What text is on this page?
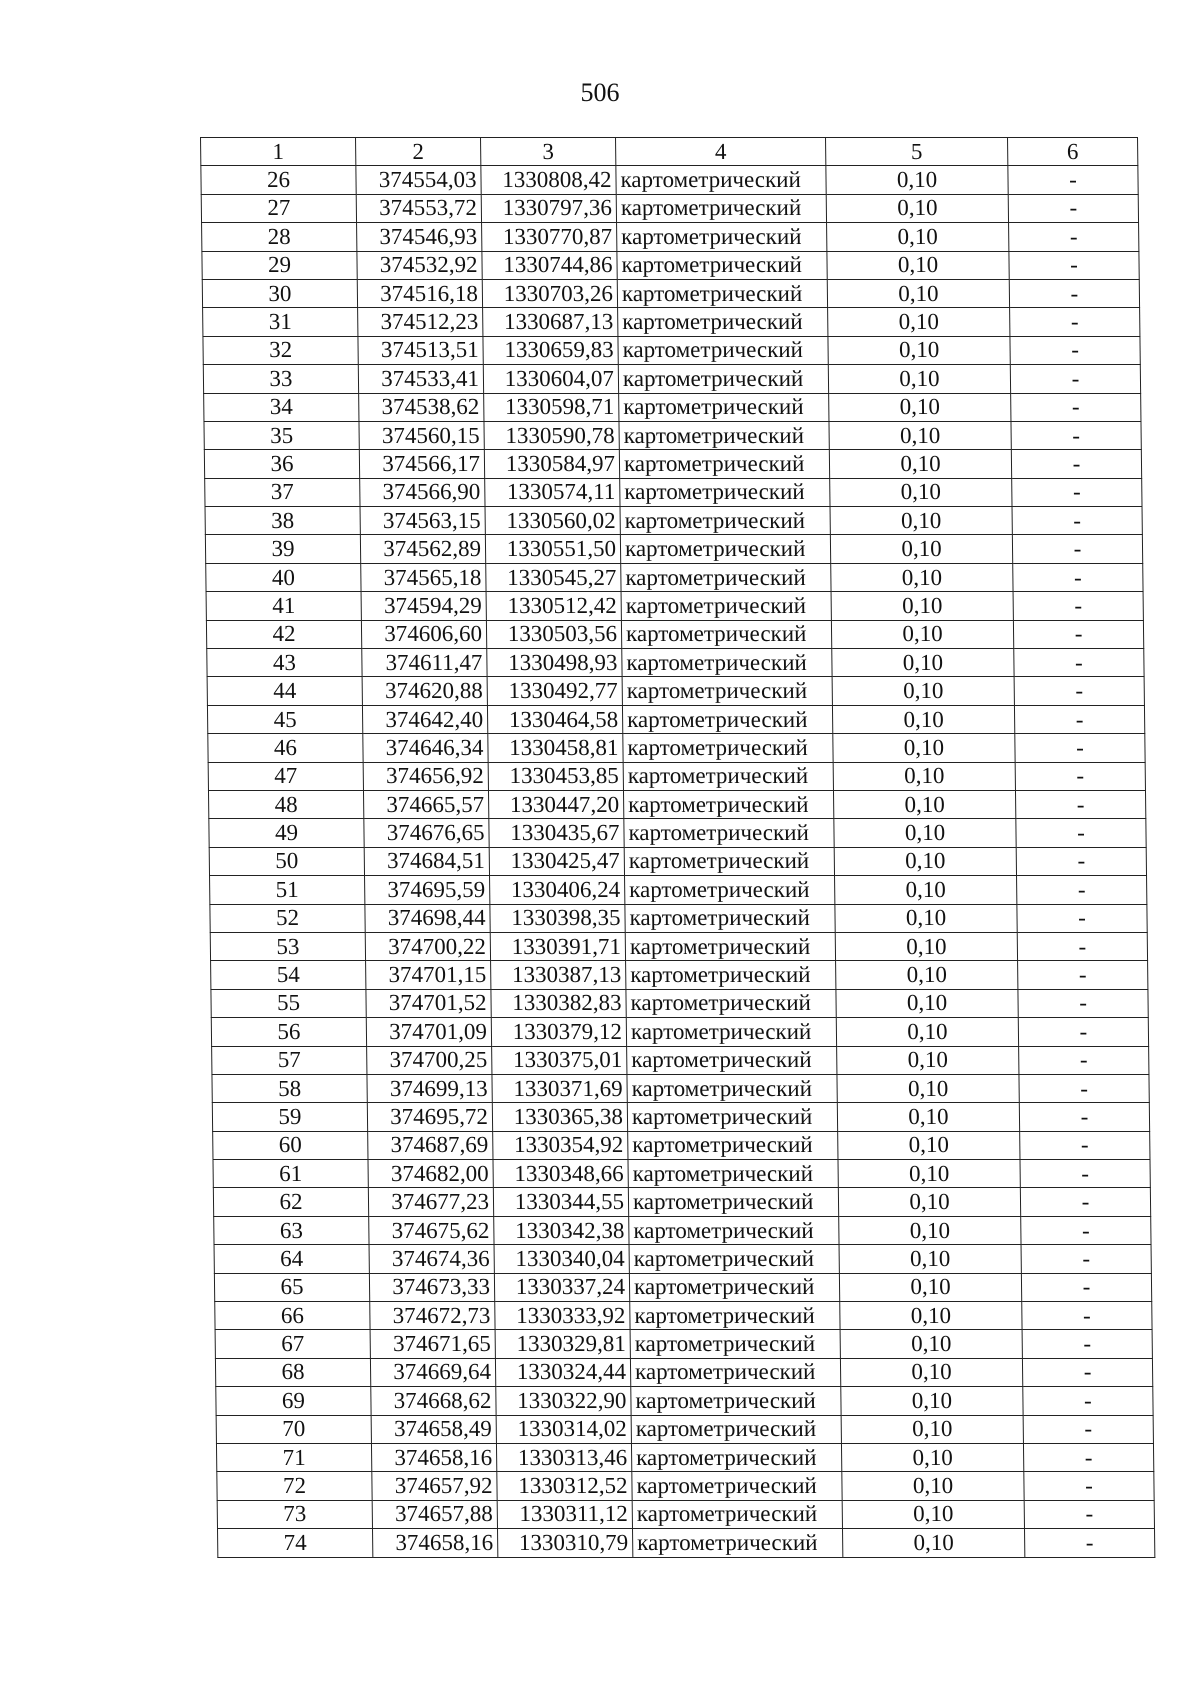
506
1	2	3	4	5	6
26	374554,03	1330808,42	картометрический	0,10	-
27	374553,72	1330797,36	картометрический	0,10	-
28	374546,93	1330770,87	картометрический	0,10	-
29	374532,92	1330744,86	картометрический	0,10	-
30	374516,18	1330703,26	картометрический	0,10	-
31	374512,23	1330687,13	картометрический	0,10	-
32	374513,51	1330659,83	картометрический	0,10	-
33	374533,41	1330604,07	картометрический	0,10	-
34	374538,62	1330598,71	картометрический	0,10	-
35	374560,15	1330590,78	картометрический	0,10	-
36	374566,17	1330584,97	картометрический	0,10	-
37	374566,90	1330574,11	картометрический	0,10	-
38	374563,15	1330560,02	картометрический	0,10	-
39	374562,89	1330551,50	картометрический	0,10	-
40	374565,18	1330545,27	картометрический	0,10	-
41	374594,29	1330512,42	картометрический	0,10	-
42	374606,60	1330503,56	картометрический	0,10	-
43	374611,47	1330498,93	картометрический	0,10	-
44	374620,88	1330492,77	картометрический	0,10	-
45	374642,40	1330464,58	картометрический	0,10	-
46	374646,34	1330458,81	картометрический	0,10	-
47	374656,92	1330453,85	картометрический	0,10	-
48	374665,57	1330447,20	картометрический	0,10	-
49	374676,65	1330435,67	картометрический	0,10	-
50	374684,51	1330425,47	картометрический	0,10	-
51	374695,59	1330406,24	картометрический	0,10	-
52	374698,44	1330398,35	картометрический	0,10	-
53	374700,22	1330391,71	картометрический	0,10	-
54	374701,15	1330387,13	картометрический	0,10	-
55	374701,52	1330382,83	картометрический	0,10	-
56	374701,09	1330379,12	картометрический	0,10	-
57	374700,25	1330375,01	картометрический	0,10	-
58	374699,13	1330371,69	картометрический	0,10	-
59	374695,72	1330365,38	картометрический	0,10	-
60	374687,69	1330354,92	картометрический	0,10	-
61	374682,00	1330348,66	картометрический	0,10	-
62	374677,23	1330344,55	картометрический	0,10	-
63	374675,62	1330342,38	картометрический	0,10	-
64	374674,36	1330340,04	картометрический	0,10	-
65	374673,33	1330337,24	картометрический	0,10	-
66	374672,73	1330333,92	картометрический	0,10	-
67	374671,65	1330329,81	картометрический	0,10	-
68	374669,64	1330324,44	картометрический	0,10	-
69	374668,62	1330322,90	картометрический	0,10	-
70	374658,49	1330314,02	картометрический	0,10	-
71	374658,16	1330313,46	картометрический	0,10	-
72	374657,92	1330312,52	картометрический	0,10	-
73	374657,88	1330311,12	картометрический	0,10	-
74	374658,16	1330310,79	картометрический	0,10	-
